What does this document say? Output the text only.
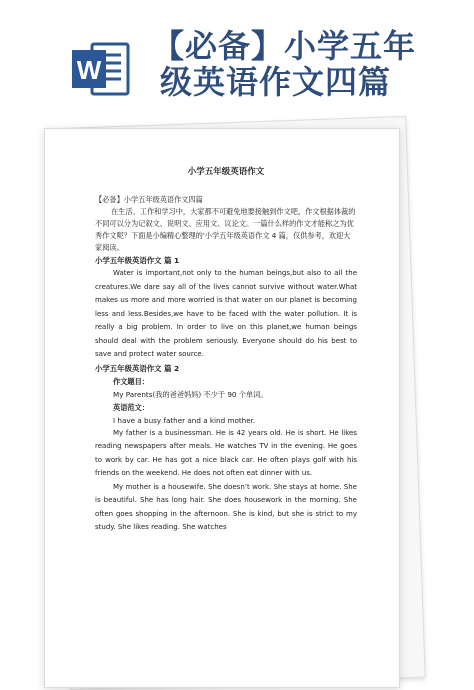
W
【必备】小学五年
级英语作文四篇

小学五年级英语作文

【必备】小学五年级英语作文四篇

在生活、工作和学习中，大家都不可避免地要接触到作文吧，作文根据体裁的不同可以分为记叙文、说明文、应用文、议论文。一篇什么样的作文才能称之为优秀作文呢？下面是小编精心整理的'小学五年级英语作文 4 篇，仅供参考，欢迎大家阅读。

小学五年级英语作文 篇 1

Water is important,not only to the human beings,but also to all the creatures.We dare say all of the lives cannot survive without water.What makes us more and more worried is that water on our planet is becoming less and less.Besides,we have to be faced with the water pollution. It is really a big problem. In order to live on this planet,we human beings should deal with the problem seriously. Everyone should do his best to save and protect water source.

小学五年级英语作文 篇 2

作文题目：

My Parents(我的爸爸妈妈) 不少于 90 个单词。

英语范文：

I have a busy father and a kind mother.

My father is a businessman. He is 42 years old. He is short. He likes reading newspapers after meals. He watches TV in the evening. He goes to work by car. He has got a nice black car. He often plays golf with his friends on the weekend. He does not often eat dinner with us.

My mother is a housewife. She doesn’t work. She stays at home. She is beautiful. She has long hair. She does housework in the morning. She often goes shopping in the afternoon. She is kind, but she is strict to my study. She likes reading. She watches
